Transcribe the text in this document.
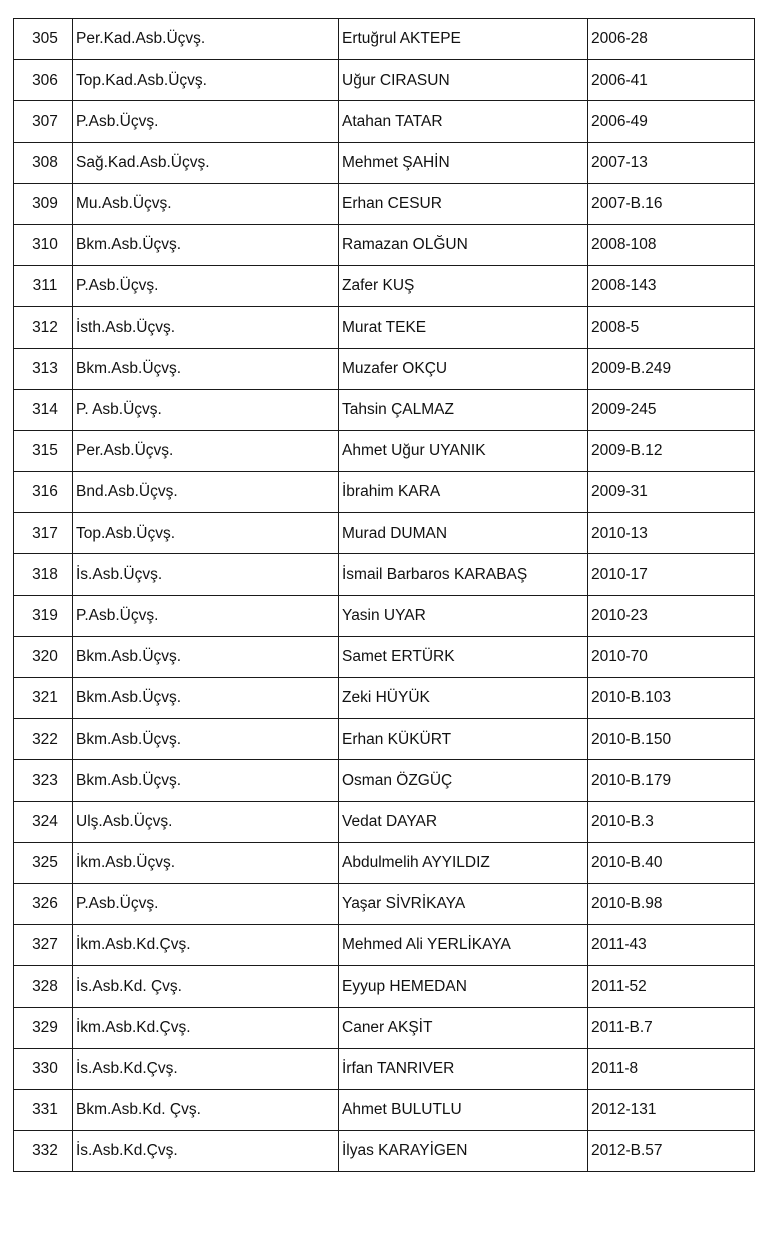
305	Per.Kad.Asb.Üçvş.	Ertuğrul AKTEPE	2006-28
306	Top.Kad.Asb.Üçvş.	Uğur CIRASUN	2006-41
307	P.Asb.Üçvş.	Atahan TATAR	2006-49
308	Sağ.Kad.Asb.Üçvş.	Mehmet ŞAHİN	2007-13
309	Mu.Asb.Üçvş.	Erhan CESUR	2007-B.16
310	Bkm.Asb.Üçvş.	Ramazan OLĞUN	2008-108
311	P.Asb.Üçvş.	Zafer KUŞ	2008-143
312	İsth.Asb.Üçvş.	Murat TEKE	2008-5
313	Bkm.Asb.Üçvş.	Muzafer OKÇU	2009-B.249
314	P. Asb.Üçvş.	Tahsin ÇALMAZ	2009-245
315	Per.Asb.Üçvş.	Ahmet Uğur UYANIK	2009-B.12
316	Bnd.Asb.Üçvş.	İbrahim KARA	2009-31
317	Top.Asb.Üçvş.	Murad DUMAN	2010-13
318	İs.Asb.Üçvş.	İsmail Barbaros KARABAŞ	2010-17
319	P.Asb.Üçvş.	Yasin UYAR	2010-23
320	Bkm.Asb.Üçvş.	Samet ERTÜRK	2010-70
321	Bkm.Asb.Üçvş.	Zeki HÜYÜK	2010-B.103
322	Bkm.Asb.Üçvş.	Erhan KÜKÜRT	2010-B.150
323	Bkm.Asb.Üçvş.	Osman ÖZGÜÇ	2010-B.179
324	Ulş.Asb.Üçvş.	Vedat DAYAR	2010-B.3
325	İkm.Asb.Üçvş.	Abdulmelih AYYILDIZ	2010-B.40
326	P.Asb.Üçvş.	Yaşar SİVRİKAYA	2010-B.98
327	İkm.Asb.Kd.Çvş.	Mehmed Ali YERLİKAYA	2011-43
328	İs.Asb.Kd. Çvş.	Eyyup HEMEDAN	2011-52
329	İkm.Asb.Kd.Çvş.	Caner AKŞİT	2011-B.7
330	İs.Asb.Kd.Çvş.	İrfan TANRIVER	2011-8
331	Bkm.Asb.Kd. Çvş.	Ahmet BULUTLU	2012-131
332	İs.Asb.Kd.Çvş.	İlyas KARAYİGEN	2012-B.57
